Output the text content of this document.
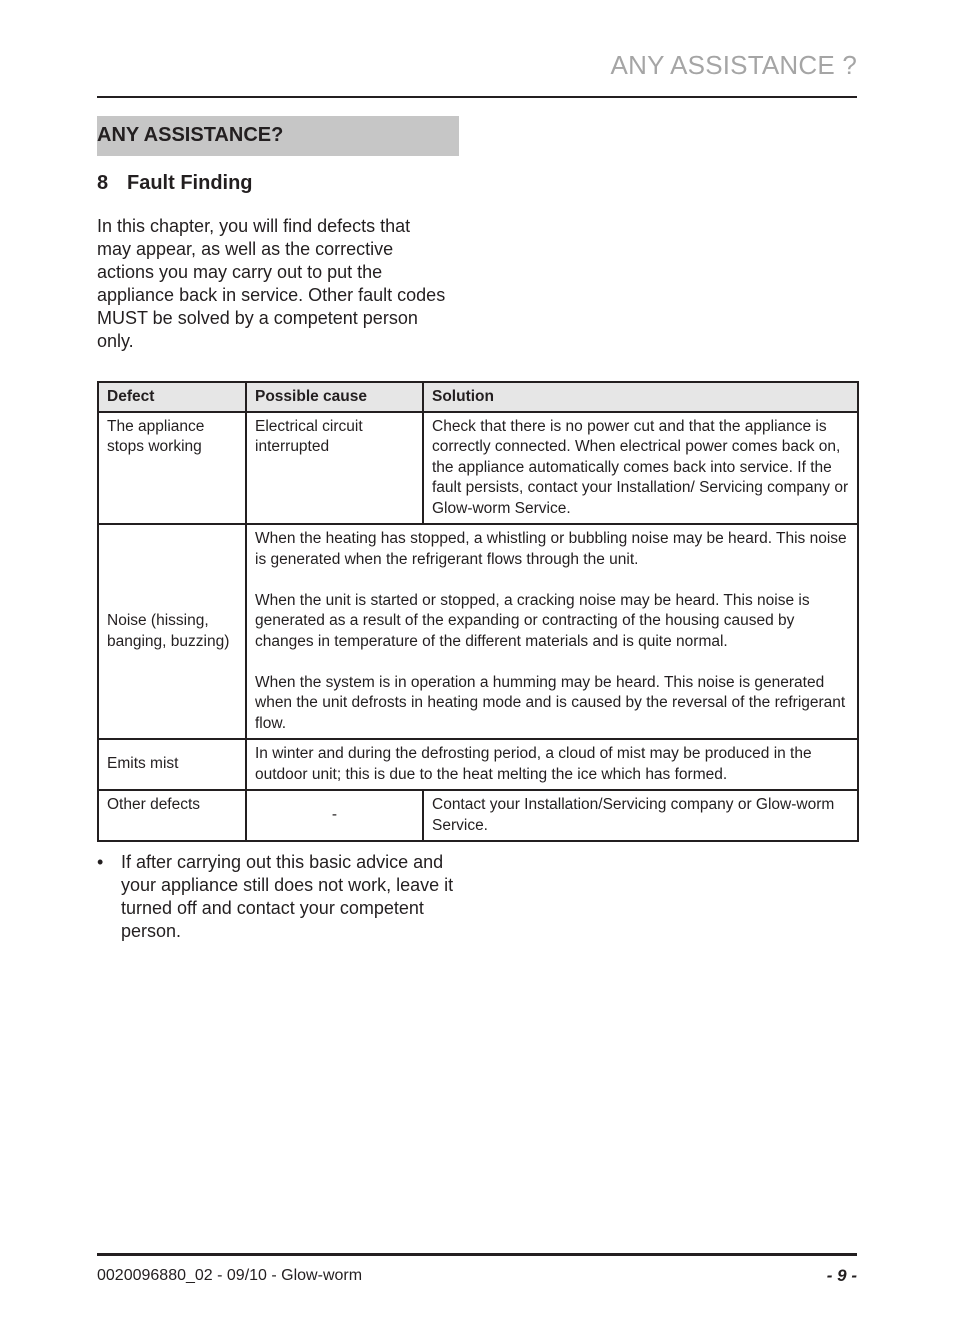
ANY ASSISTANCE ?
ANY ASSISTANCE?
8 Fault Finding
In this chapter, you will find defects that may appear, as well as the corrective actions you may carry out to put the appliance back in service. Other fault codes MUST be solved by a competent person only.
Defect	Possible cause	Solution
The appliance stops working	Electrical circuit interrupted	Check that there is no power cut and that the appliance is correctly connected. When electrical power comes back on, the appliance automatically comes back into service. If the fault persists, contact your Installation/ Servicing company or Glow-worm Service.
Noise (hissing, banging, buzzing)	When the heating has stopped, a whistling or bubbling noise may be heard. This noise is generated when the refrigerant flows through the unit.
When the unit is started or stopped, a cracking noise may be heard. This noise is generated as a result of the expanding or contracting of the housing caused by changes in temperature of the different materials and is quite normal.
When the system is in operation a humming may be heard. This noise is generated when the unit defrosts in heating mode and is caused by the reversal of the refrigerant flow.	

Emits mist	In winter and during the defrosting period, a cloud of mist may be produced in the outdoor unit; this is due to the heat melting the ice which has formed.	
Other defects	-	Contact your Installation/Servicing company or Glow-worm Service.
• If after carrying out this basic advice and your appliance still does not work, leave it turned off and contact your competent person.
0020096880_02 - 09/10 - Glow-worm	- 9 -
